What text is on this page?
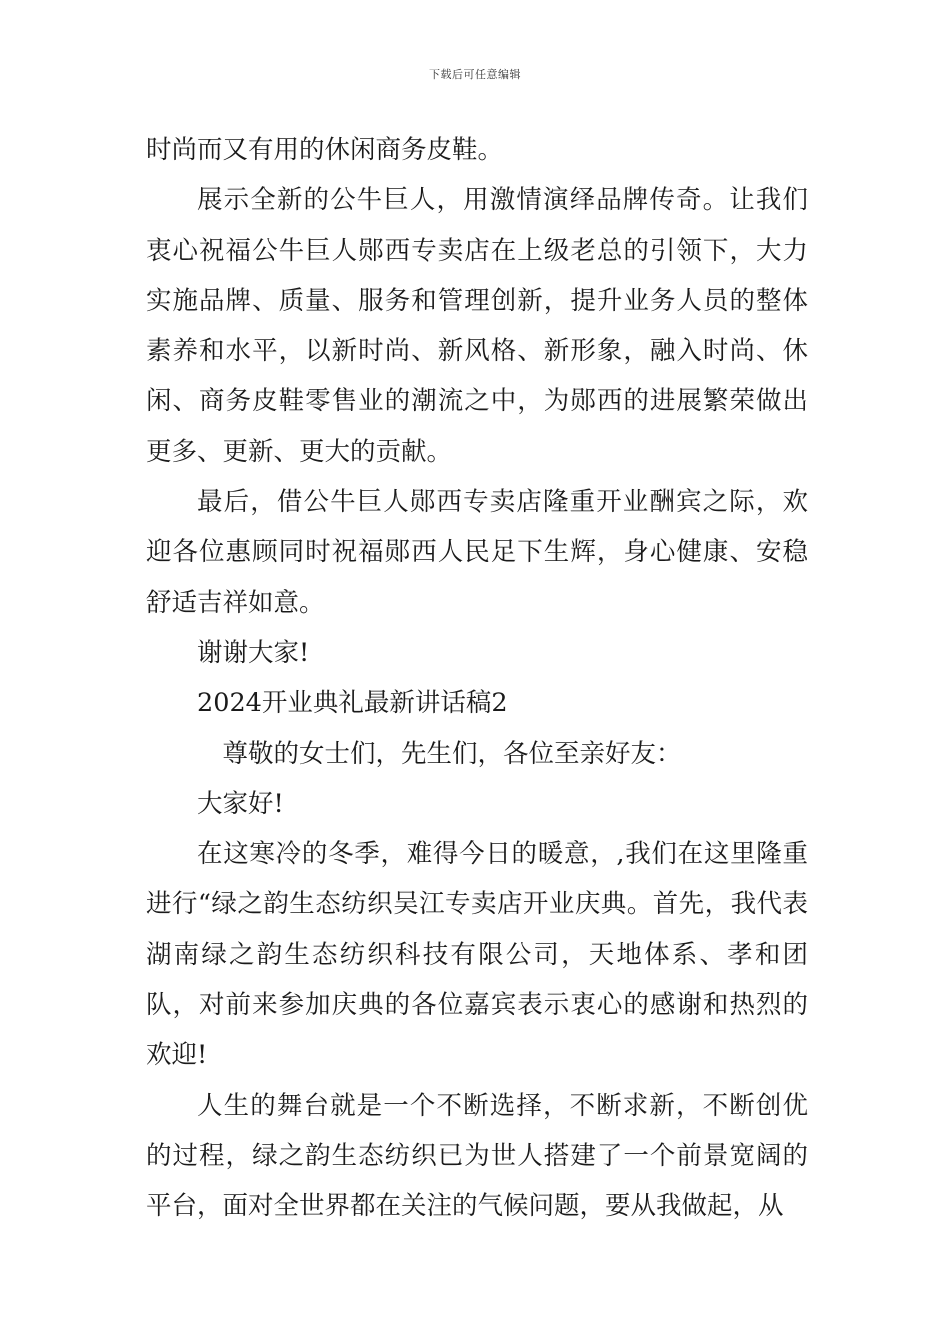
下载后可任意编辑

时尚而又有用的休闲商务皮鞋。

展示全新的公牛巨人，用激情演绎品牌传奇。让我们衷心祝福公牛巨人郧西专卖店在上级老总的引领下，大力实施品牌、质量、服务和管理创新，提升业务人员的整体素养和水平，以新时尚、新风格、新形象，融入时尚、休闲、商务皮鞋零售业的潮流之中，为郧西的进展繁荣做出更多、更新、更大的贡献。

最后，借公牛巨人郧西专卖店隆重开业酬宾之际，欢迎各位惠顾同时祝福郧西人民足下生辉，身心健康、安稳舒适吉祥如意。

谢谢大家!

2024开业典礼最新讲话稿2

尊敬的女士们，先生们，各位至亲好友：

大家好!

在这寒冷的冬季，难得今日的暖意，,我们在这里隆重进行“绿之韵生态纺织吴江专卖店开业庆典。首先，我代表湖南绿之韵生态纺织科技有限公司，天地体系、孝和团队，对前来参加庆典的各位嘉宾表示衷心的感谢和热烈的欢迎!

人生的舞台就是一个不断选择，不断求新，不断创优的过程，绿之韵生态纺织已为世人搭建了一个前景宽阔的平台，面对全世界都在关注的气候问题，要从我做起，从
